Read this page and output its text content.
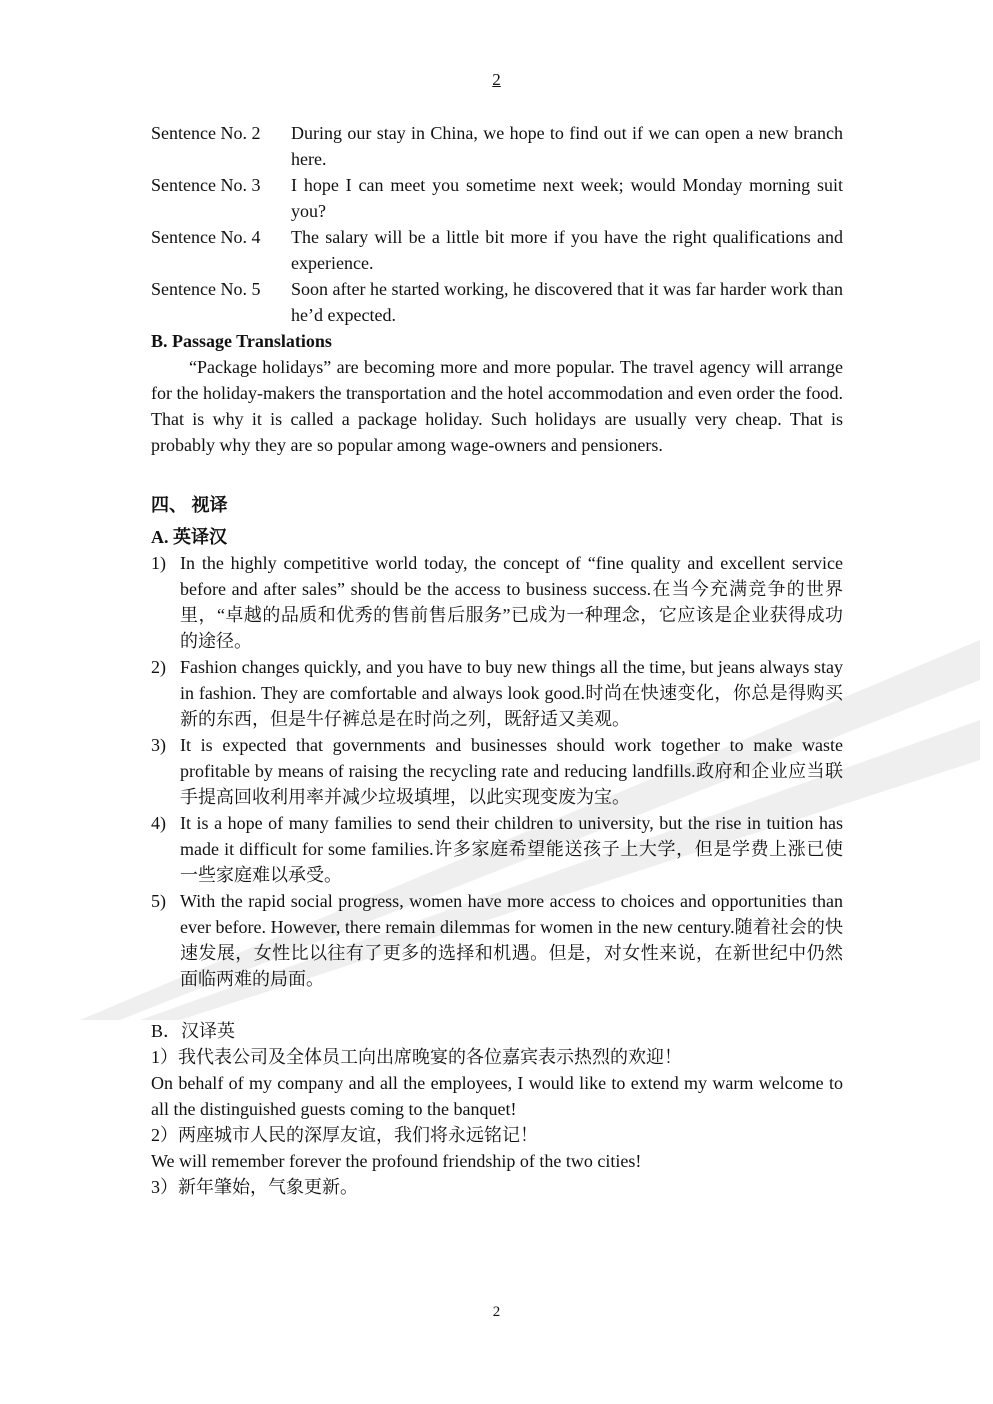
2
Sentence No. 2	During our stay in China, we hope to find out if we can open a new branch here.
Sentence No. 3	I hope I can meet you sometime next week; would Monday morning suit you?
Sentence No. 4	The salary will be a little bit more if you have the right qualifications and experience.
Sentence No. 5	Soon after he started working, he discovered that it was far harder work than he’d expected.
B. Passage Translations

“Package holidays” are becoming more and more popular. The travel agency will arrange for the holiday-makers the transportation and the hotel accommodation and even order the food. That is why it is called a package holiday. Such holidays are usually very cheap. That is probably why they are so popular among wage-owners and pensioners.

四、 视译
A. 英译汉
1) In the highly competitive world today, the concept of “fine quality and excellent service before and after sales” should be the access to business success.在当今充满竞争的世界里，“卓越的品质和优秀的售前售后服务”已成为一种理念，它应该是企业获得成功的途径。
2) Fashion changes quickly, and you have to buy new things all the time, but jeans always stay in fashion. They are comfortable and always look good.时尚在快速变化，你总是得购买新的东西，但是牛仔裤总是在时尚之列，既舒适又美观。
3) It is expected that governments and businesses should work together to make waste profitable by means of raising the recycling rate and reducing landfills.政府和企业应当联手提高回收利用率并减少垃圾填埋，以此实现变废为宝。
4) It is a hope of many families to send their children to university, but the rise in tuition has made it difficult for some families.许多家庭希望能送孩子上大学，但是学费上涨已使一些家庭难以承受。
5) With the rapid social progress, women have more access to choices and opportunities than ever before. However, there remain dilemmas for women in the new century.随着社会的快速发展，女性比以往有了更多的选择和机遇。但是，对女性来说，在新世纪中仍然面临两难的局面。
B．汉译英
1）我代表公司及全体员工向出席晚宴的各位嘉宾表示热烈的欢迎！
On behalf of my company and all the employees, I would like to extend my warm welcome to all the distinguished guests coming to the banquet!
2）两座城市人民的深厚友谊，我们将永远铭记！
We will remember forever the profound friendship of the two cities!
3）新年肇始，气象更新。
2
